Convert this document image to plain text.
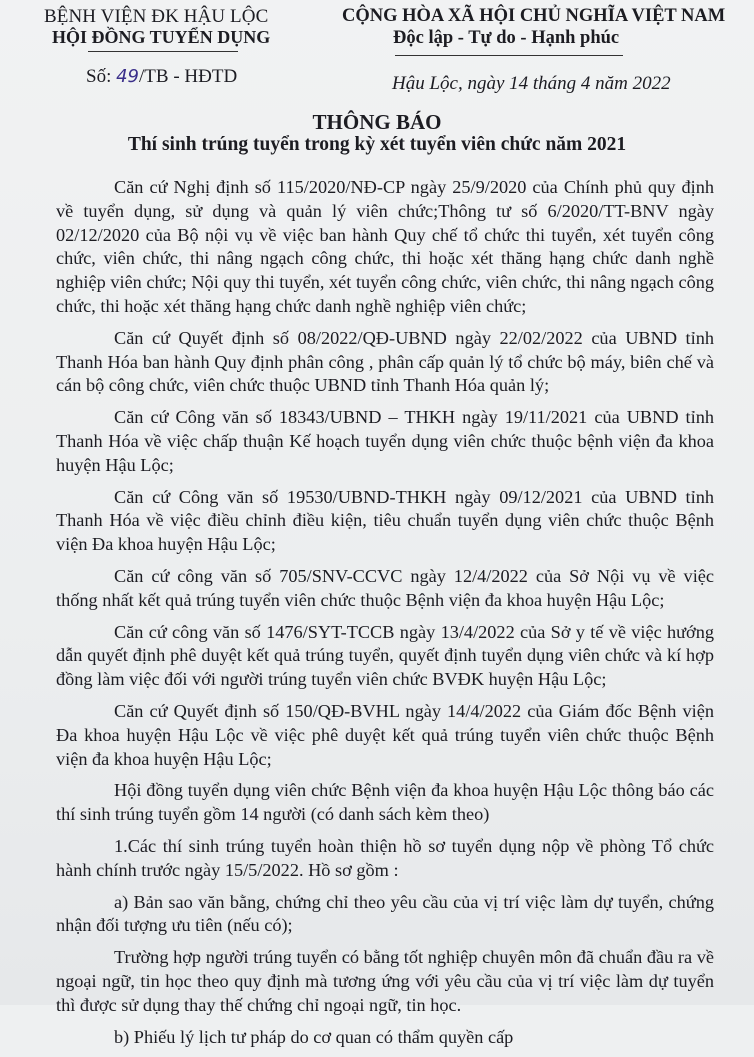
BỆNH VIỆN ĐK HẬU LỘC
HỘI ĐỒNG TUYỂN DỤNG
CỘNG HÒA XÃ HỘI CHỦ NGHĨA VIỆT NAM
Độc lập - Tự do - Hạnh phúc
Số: 49/TB - HĐTD	Hậu Lộc, ngày 14 tháng 4 năm 2022
THÔNG BÁO
Thí sinh trúng tuyển trong kỳ xét tuyển viên chức năm 2021

Căn cứ Nghị định số 115/2020/NĐ-CP ngày 25/9/2020 của Chính phủ quy định về tuyển dụng, sử dụng và quản lý viên chức;Thông tư số 6/2020/TT-BNV ngày 02/12/2020 của Bộ nội vụ về việc ban hành Quy chế tổ chức thi tuyển, xét tuyển công chức, viên chức, thi nâng ngạch công chức, thi hoặc xét thăng hạng chức danh nghề nghiệp viên chức; Nội quy thi tuyển, xét tuyển công chức, viên chức, thi nâng ngạch công chức, thi hoặc xét thăng hạng chức danh nghề nghiệp viên chức;

Căn cứ Quyết định số 08/2022/QĐ-UBND ngày 22/02/2022 của UBND tỉnh Thanh Hóa ban hành Quy định phân công , phân cấp quản lý tổ chức bộ máy, biên chế và cán bộ công chức, viên chức thuộc UBND tỉnh Thanh Hóa quản lý;

Căn cứ Công văn số 18343/UBND – THKH ngày 19/11/2021 của UBND tỉnh Thanh Hóa về việc chấp thuận Kế hoạch tuyển dụng viên chức thuộc bệnh viện đa khoa huyện Hậu Lộc;

Căn cứ Công văn số 19530/UBND-THKH ngày 09/12/2021 của UBND tỉnh Thanh Hóa về việc điều chỉnh điều kiện, tiêu chuẩn tuyển dụng viên chức thuộc Bệnh viện Đa khoa huyện Hậu Lộc;

Căn cứ công văn số 705/SNV-CCVC ngày 12/4/2022 của Sở Nội vụ về việc thống nhất kết quả trúng tuyển viên chức thuộc Bệnh viện đa khoa huyện Hậu Lộc;

Căn cứ công văn số 1476/SYT-TCCB ngày 13/4/2022 của Sở y tế về việc hướng dẫn quyết định phê duyệt kết quả trúng tuyển, quyết định tuyển dụng viên chức và kí hợp đồng làm việc đối với người trúng tuyển viên chức BVĐK huyện Hậu Lộc;

Căn cứ Quyết định số 150/QĐ-BVHL ngày 14/4/2022 của Giám đốc Bệnh viện Đa khoa huyện Hậu Lộc về việc phê duyệt kết quả trúng tuyển viên chức thuộc Bệnh viện đa khoa huyện Hậu Lộc;

Hội đồng tuyển dụng viên chức Bệnh viện đa khoa huyện Hậu Lộc thông báo các thí sinh trúng tuyển gồm 14 người (có danh sách kèm theo)

1.Các thí sinh trúng tuyển hoàn thiện hồ sơ tuyển dụng nộp về phòng Tổ chức hành chính trước ngày 15/5/2022. Hồ sơ gồm :

a) Bản sao văn bằng, chứng chỉ theo yêu cầu của vị trí việc làm dự tuyển, chứng nhận đối tượng ưu tiên (nếu có);

Trường hợp người trúng tuyển có bằng tốt nghiệp chuyên môn đã chuẩn đầu ra về ngoại ngữ, tin học theo quy định mà tương ứng với yêu cầu của vị trí việc làm dự tuyển thì được sử dụng thay thế chứng chỉ ngoại ngữ, tin học.

b) Phiếu lý lịch tư pháp do cơ quan có thẩm quyền cấp
